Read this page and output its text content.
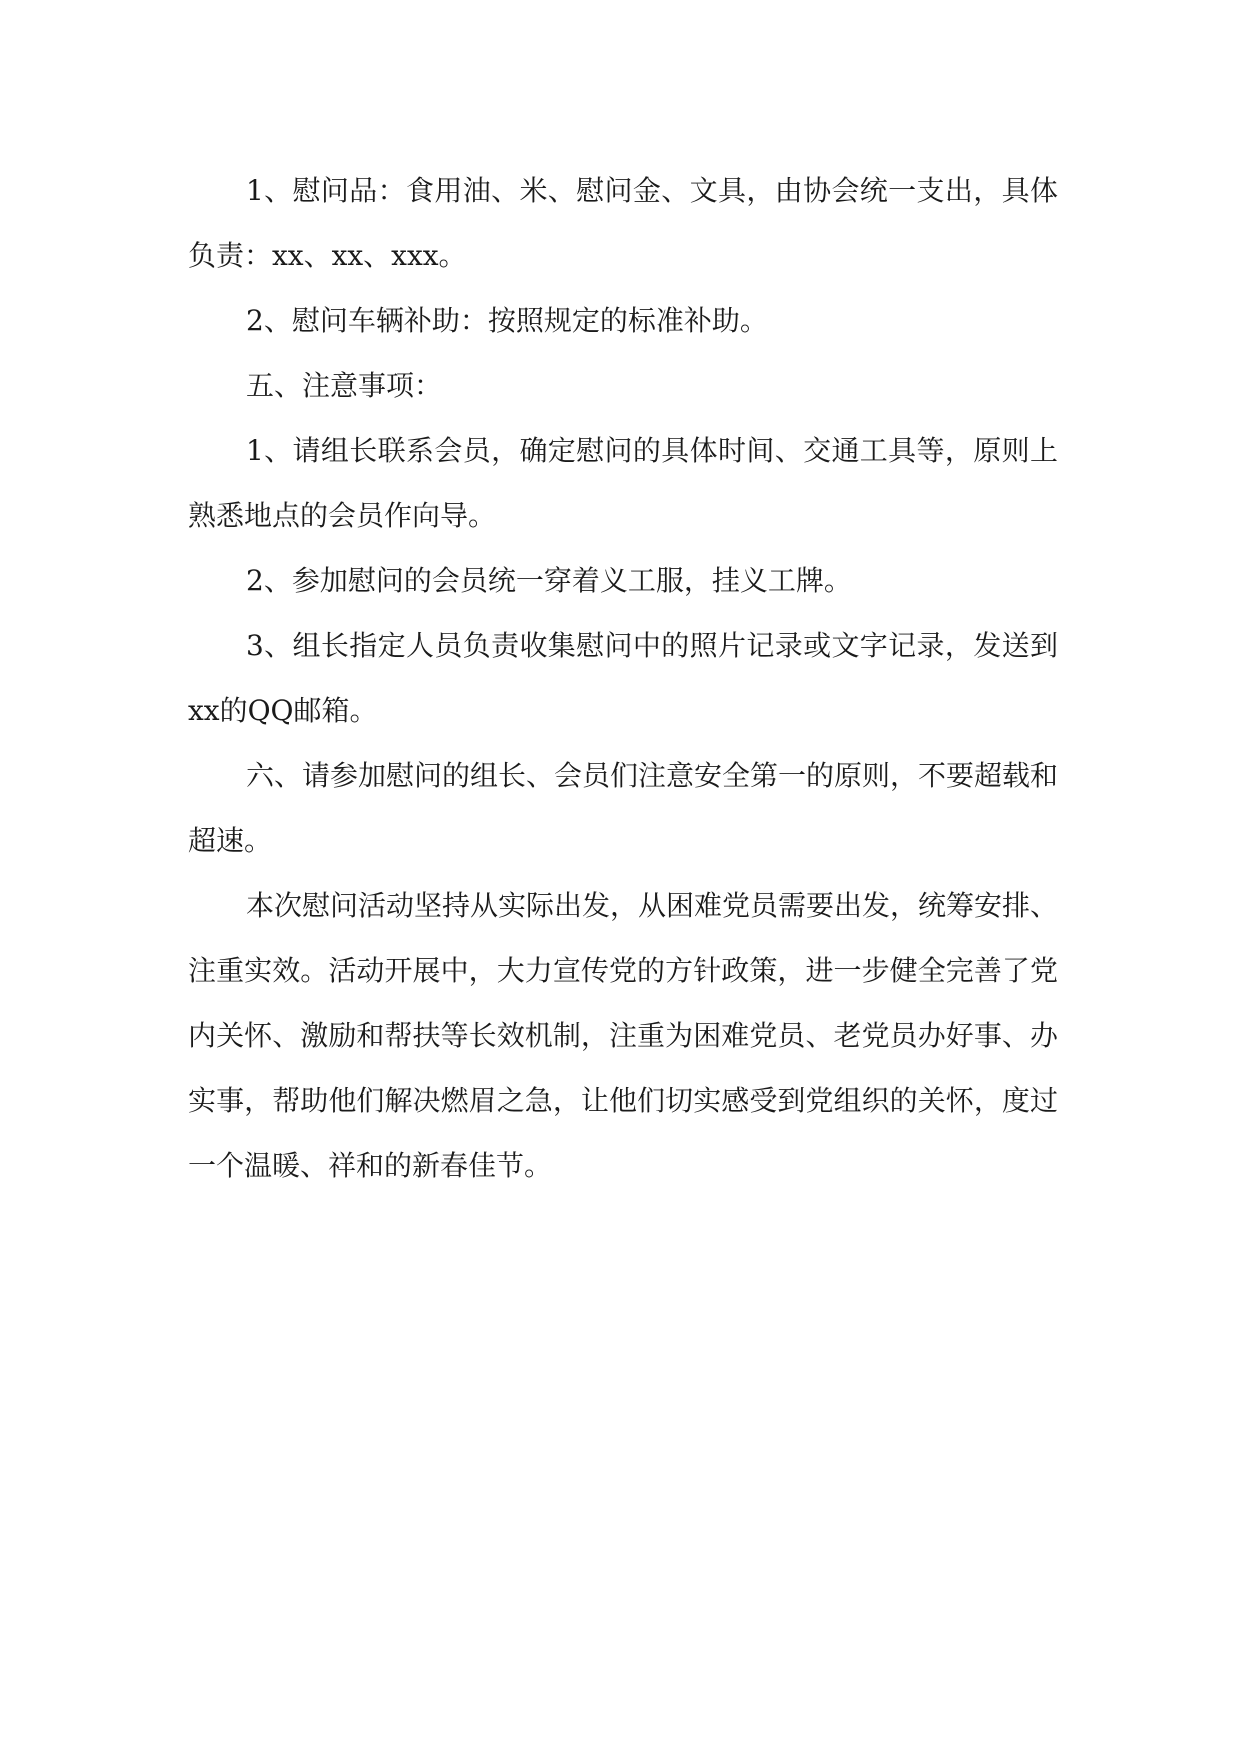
1、慰问品：食用油、米、慰问金、文具，由协会统一支出，具体负责：xx、xx、xxx。

2、慰问车辆补助：按照规定的标准补助。

五、注意事项：

1、请组长联系会员，确定慰问的具体时间、交通工具等，原则上熟悉地点的会员作向导。

2、参加慰问的会员统一穿着义工服，挂义工牌。

3、组长指定人员负责收集慰问中的照片记录或文字记录，发送到xx的QQ邮箱。

六、请参加慰问的组长、会员们注意安全第一的原则，不要超载和超速。

本次慰问活动坚持从实际出发，从困难党员需要出发，统筹安排、注重实效。活动开展中，大力宣传党的方针政策，进一步健全完善了党内关怀、激励和帮扶等长效机制，注重为困难党员、老党员办好事、办实事，帮助他们解决燃眉之急，让他们切实感受到党组织的关怀，度过一个温暖、祥和的新春佳节。
